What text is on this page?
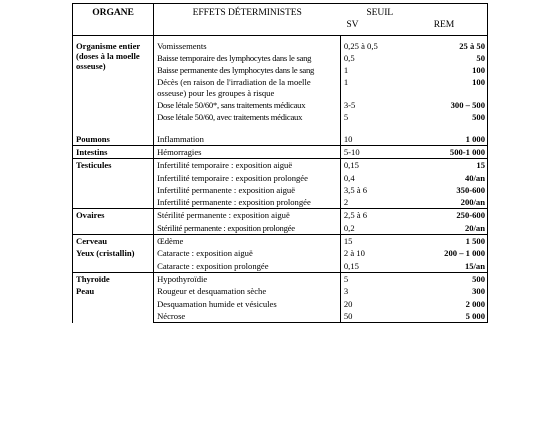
ORGANE	EFFETS DÉTERMINISTES	SEUIL	
		SV	REM
Organisme entier (doses à la moelle osseuse)	Vomissements	0,25 à 0,5	25 à 50
	Baisse temporaire des lymphocytes dans le sang	0,5	50
	Baisse permanente des lymphocytes dans le sang	1	100
	Décès (en raison de l'irradiation de la moelle osseuse) pour les groupes à risque	1	100
	Dose létale 50/60*, sans traitements médicaux	3-5	300 – 500
	Dose létale 50/60, avec traitements médicaux	5	500
Poumons	Inflammation	10	1 000
Intestins	Hémorragies	5-10	500-1 000
Testicules	Infertilité temporaire : exposition aiguë	0,15	15
	Infertilité temporaire : exposition prolongée	0,4	40/an
	Infertilité permanente : exposition aiguë	3,5 à 6	350-600
	Infertilité permanente : exposition prolongée	2	200/an
Ovaires	Stérilité permanente : exposition aiguë	2,5 à 6	250-600
	Stérilité permanente : exposition prolongée	0,2	20/an
Cerveau	Œdème	15	1 500
Yeux (cristallin)	Cataracte : exposition aiguë	2 à 10	200 – 1 000
	Cataracte : exposition prolongée	0,15	15/an
Thyroïde	Hypothyroïdie	5	500
Peau	Rougeur et desquamation sèche	3	300
	Desquamation humide et vésicules	20	2 000
	Nécrose	50	5 000
